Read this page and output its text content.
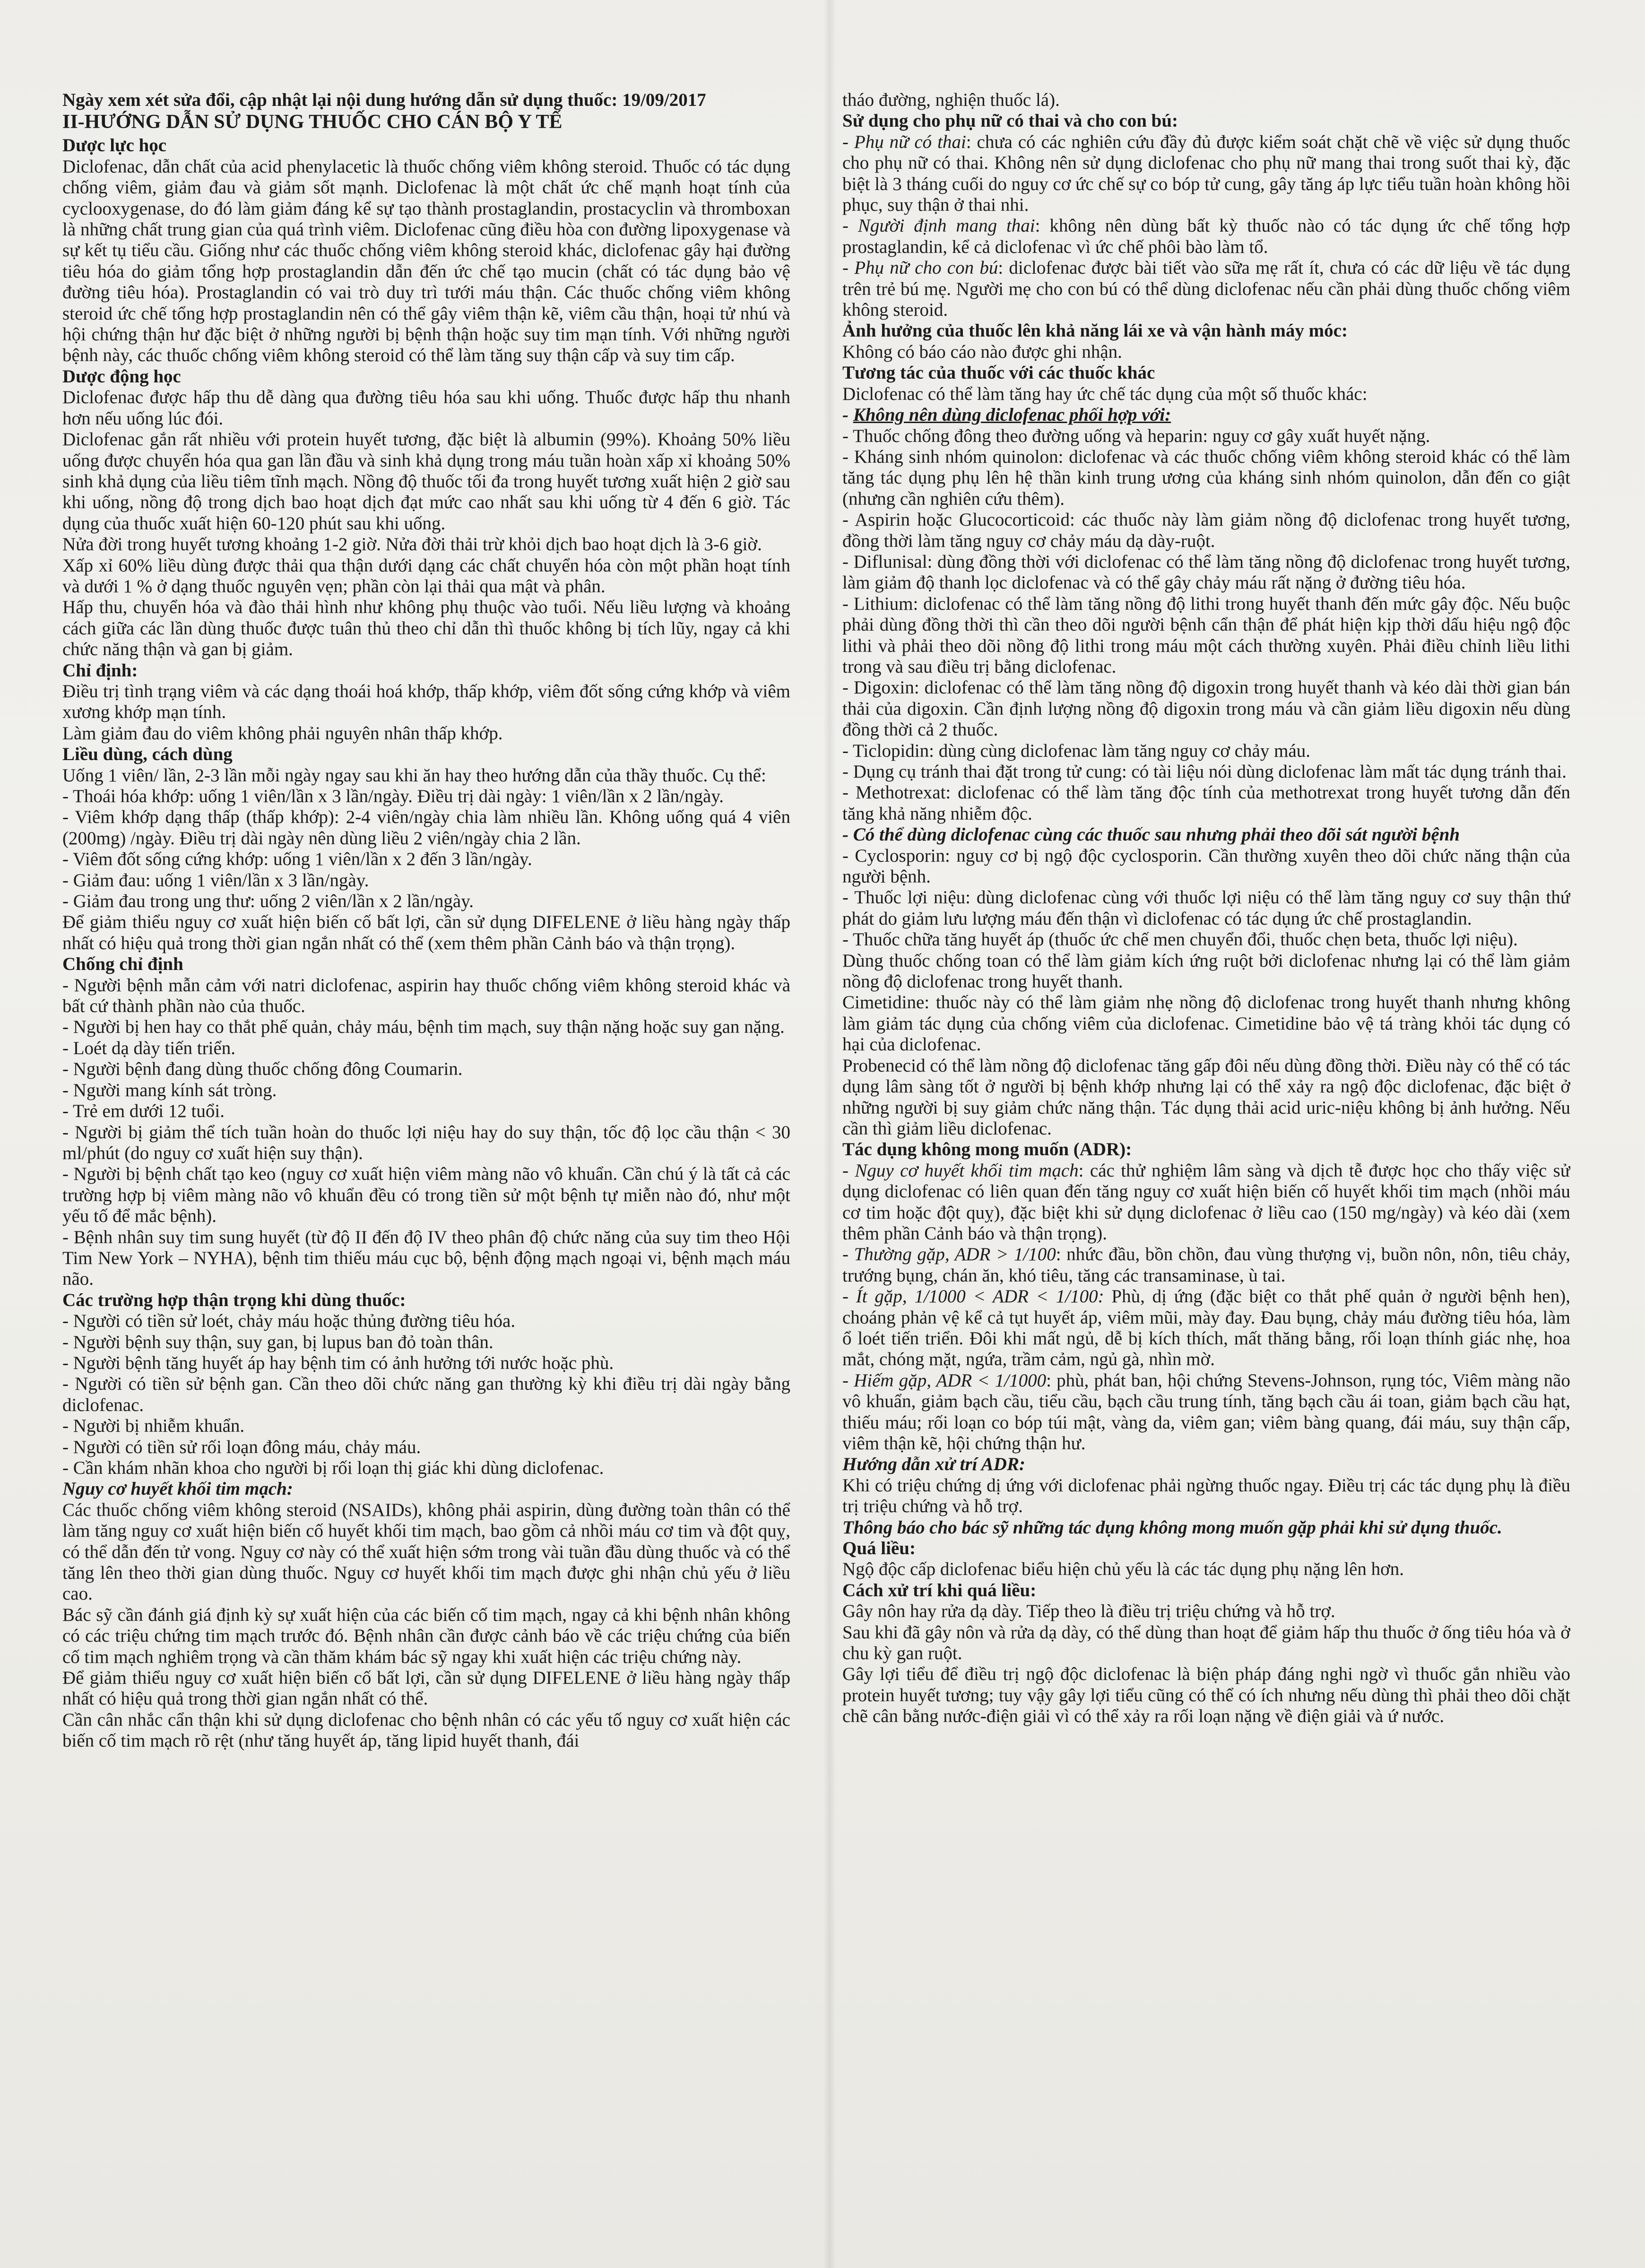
Ngày xem xét sửa đổi, cập nhật lại nội dung hướng dẫn sử dụng thuốc: 19/09/2017

II-HƯỚNG DẪN SỬ DỤNG THUỐC CHO CÁN BỘ Y TẾ

Dược lực học

Diclofenac, dẫn chất của acid phenylacetic là thuốc chống viêm không steroid. Thuốc có tác dụng chống viêm, giảm đau và giảm sốt mạnh. Diclofenac là một chất ức chế mạnh hoạt tính của cyclooxygenase, do đó làm giảm đáng kể sự tạo thành prostaglandin, prostacyclin và thromboxan là những chất trung gian của quá trình viêm. Diclofenac cũng điều hòa con đường lipoxygenase và sự kết tụ tiểu cầu. Giống như các thuốc chống viêm không steroid khác, diclofenac gây hại đường tiêu hóa do giảm tổng hợp prostaglandin dẫn đến ức chế tạo mucin (chất có tác dụng bảo vệ đường tiêu hóa). Prostaglandin có vai trò duy trì tưới máu thận. Các thuốc chống viêm không steroid ức chế tổng hợp prostaglandin nên có thể gây viêm thận kẽ, viêm cầu thận, hoại tử nhú và hội chứng thận hư đặc biệt ở những người bị bệnh thận hoặc suy tim mạn tính. Với những người bệnh này, các thuốc chống viêm không steroid có thể làm tăng suy thận cấp và suy tim cấp.

Dược động học

Diclofenac được hấp thu dễ dàng qua đường tiêu hóa sau khi uống. Thuốc được hấp thu nhanh hơn nếu uống lúc đói.

Diclofenac gắn rất nhiều với protein huyết tương, đặc biệt là albumin (99%). Khoảng 50% liều uống được chuyển hóa qua gan lần đầu và sinh khả dụng trong máu tuần hoàn xấp xỉ khoảng 50% sinh khả dụng của liều tiêm tĩnh mạch. Nồng độ thuốc tối đa trong huyết tương xuất hiện 2 giờ sau khi uống, nồng độ trong dịch bao hoạt dịch đạt mức cao nhất sau khi uống từ 4 đến 6 giờ. Tác dụng của thuốc xuất hiện 60-120 phút sau khi uống.

Nửa đời trong huyết tương khoảng 1-2 giờ. Nửa đời thải trừ khỏi dịch bao hoạt dịch là 3-6 giờ.

Xấp xỉ 60% liều dùng được thải qua thận dưới dạng các chất chuyển hóa còn một phần hoạt tính và dưới 1 % ở dạng thuốc nguyên vẹn; phần còn lại thải qua mật và phân.

Hấp thu, chuyển hóa và đào thải hình như không phụ thuộc vào tuổi. Nếu liều lượng và khoảng cách giữa các lần dùng thuốc được tuân thủ theo chỉ dẫn thì thuốc không bị tích lũy, ngay cả khi chức năng thận và gan bị giảm.

Chỉ định:

Điều trị tình trạng viêm và các dạng thoái hoá khớp, thấp khớp, viêm đốt sống cứng khớp và viêm xương khớp mạn tính.

Làm giảm đau do viêm không phải nguyên nhân thấp khớp.

Liều dùng, cách dùng

Uống 1 viên/ lần, 2-3 lần mỗi ngày ngay sau khi ăn hay theo hướng dẫn của thầy thuốc. Cụ thể:

- Thoái hóa khớp: uống 1 viên/lần x 3 lần/ngày. Điều trị dài ngày: 1 viên/lần x 2 lần/ngày.

- Viêm khớp dạng thấp (thấp khớp): 2-4 viên/ngày chia làm nhiều lần. Không uống quá 4 viên (200mg) /ngày. Điều trị dài ngày nên dùng liều 2 viên/ngày chia 2 lần.

- Viêm đốt sống cứng khớp: uống 1 viên/lần x 2 đến 3 lần/ngày.

- Giảm đau: uống 1 viên/lần x 3 lần/ngày.

- Giảm đau trong ung thư: uống 2 viên/lần x 2 lần/ngày.

Để giảm thiểu nguy cơ xuất hiện biến cố bất lợi, cần sử dụng DIFELENE ở liều hàng ngày thấp nhất có hiệu quả trong thời gian ngắn nhất có thể (xem thêm phần Cảnh báo và thận trọng).

Chống chỉ định

- Người bệnh mẫn cảm với natri diclofenac, aspirin hay thuốc chống viêm không steroid khác và bất cứ thành phần nào của thuốc.

- Người bị hen hay co thắt phế quản, chảy máu, bệnh tim mạch, suy thận nặng hoặc suy gan nặng.

- Loét dạ dày tiến triển.

- Người bệnh đang dùng thuốc chống đông Coumarin.

- Người mang kính sát tròng.

- Trẻ em dưới 12 tuổi.

- Người bị giảm thể tích tuần hoàn do thuốc lợi niệu hay do suy thận, tốc độ lọc cầu thận < 30 ml/phút (do nguy cơ xuất hiện suy thận).

- Người bị bệnh chất tạo keo (nguy cơ xuất hiện viêm màng não vô khuẩn. Cần chú ý là tất cả các trường hợp bị viêm màng não vô khuẩn đều có trong tiền sử một bệnh tự miễn nào đó, như một yếu tố để mắc bệnh).

- Bệnh nhân suy tim sung huyết (từ độ II đến độ IV theo phân độ chức năng của suy tim theo Hội Tim New York – NYHA), bệnh tim thiếu máu cục bộ, bệnh động mạch ngoại vi, bệnh mạch máu não.

Các trường hợp thận trọng khi dùng thuốc:

- Người có tiền sử loét, chảy máu hoặc thủng đường tiêu hóa.

- Người bệnh suy thận, suy gan, bị lupus ban đỏ toàn thân.

- Người bệnh tăng huyết áp hay bệnh tim có ảnh hưởng tới nước hoặc phù.

- Người có tiền sử bệnh gan. Cần theo dõi chức năng gan thường kỳ khi điều trị dài ngày bằng diclofenac.

- Người bị nhiễm khuẩn.

- Người có tiền sử rối loạn đông máu, chảy máu.

- Cần khám nhãn khoa cho người bị rối loạn thị giác khi dùng diclofenac.

Nguy cơ huyết khối tim mạch:

Các thuốc chống viêm không steroid (NSAIDs), không phải aspirin, dùng đường toàn thân có thể làm tăng nguy cơ xuất hiện biến cố huyết khối tim mạch, bao gồm cả nhồi máu cơ tim và đột quỵ, có thể dẫn đến tử vong. Nguy cơ này có thể xuất hiện sớm trong vài tuần đầu dùng thuốc và có thể tăng lên theo thời gian dùng thuốc. Nguy cơ huyết khối tim mạch được ghi nhận chủ yếu ở liều cao.

Bác sỹ cần đánh giá định kỳ sự xuất hiện của các biến cố tim mạch, ngay cả khi bệnh nhân không có các triệu chứng tim mạch trước đó. Bệnh nhân cần được cảnh báo về các triệu chứng của biến cố tim mạch nghiêm trọng và cần thăm khám bác sỹ ngay khi xuất hiện các triệu chứng này.

Để giảm thiểu nguy cơ xuất hiện biến cố bất lợi, cần sử dụng DIFELENE ở liều hàng ngày thấp nhất có hiệu quả trong thời gian ngắn nhất có thể.

Cần cân nhắc cẩn thận khi sử dụng diclofenac cho bệnh nhân có các yếu tố nguy cơ xuất hiện các biến cố tim mạch rõ rệt (như tăng huyết áp, tăng lipid huyết thanh, đái

tháo đường, nghiện thuốc lá).

Sử dụng cho phụ nữ có thai và cho con bú:

- Phụ nữ có thai: chưa có các nghiên cứu đầy đủ được kiểm soát chặt chẽ về việc sử dụng thuốc cho phụ nữ có thai. Không nên sử dụng diclofenac cho phụ nữ mang thai trong suốt thai kỳ, đặc biệt là 3 tháng cuối do nguy cơ ức chế sự co bóp tử cung, gây tăng áp lực tiểu tuần hoàn không hồi phục, suy thận ở thai nhi.

- Người định mang thai: không nên dùng bất kỳ thuốc nào có tác dụng ức chế tổng hợp prostaglandin, kể cả diclofenac vì ức chế phôi bào làm tổ.

- Phụ nữ cho con bú: diclofenac được bài tiết vào sữa mẹ rất ít, chưa có các dữ liệu về tác dụng trên trẻ bú mẹ. Người mẹ cho con bú có thể dùng diclofenac nếu cần phải dùng thuốc chống viêm không steroid.

Ảnh hưởng của thuốc lên khả năng lái xe và vận hành máy móc:

Không có báo cáo nào được ghi nhận.

Tương tác của thuốc với các thuốc khác

Diclofenac có thể làm tăng hay ức chế tác dụng của một số thuốc khác:

- Không nên dùng diclofenac phối hợp với:

- Thuốc chống đông theo đường uống và heparin: nguy cơ gây xuất huyết nặng.

- Kháng sinh nhóm quinolon: diclofenac và các thuốc chống viêm không steroid khác có thể làm tăng tác dụng phụ lên hệ thần kinh trung ương của kháng sinh nhóm quinolon, dẫn đến co giật (nhưng cần nghiên cứu thêm).

- Aspirin hoặc Glucocorticoid: các thuốc này làm giảm nồng độ diclofenac trong huyết tương, đồng thời làm tăng nguy cơ chảy máu dạ dày-ruột.

- Diflunisal: dùng đồng thời với diclofenac có thể làm tăng nồng độ diclofenac trong huyết tương, làm giảm độ thanh lọc diclofenac và có thể gây chảy máu rất nặng ở đường tiêu hóa.

- Lithium: diclofenac có thể làm tăng nồng độ lithi trong huyết thanh đến mức gây độc. Nếu buộc phải dùng đồng thời thì cần theo dõi người bệnh cẩn thận để phát hiện kịp thời dấu hiệu ngộ độc lithi và phải theo dõi nồng độ lithi trong máu một cách thường xuyên. Phải điều chỉnh liều lithi trong và sau điều trị bằng diclofenac.

- Digoxin: diclofenac có thể làm tăng nồng độ digoxin trong huyết thanh và kéo dài thời gian bán thải của digoxin. Cần định lượng nồng độ digoxin trong máu và cần giảm liều digoxin nếu dùng đồng thời cả 2 thuốc.

- Ticlopidin: dùng cùng diclofenac làm tăng nguy cơ chảy máu.

- Dụng cụ tránh thai đặt trong tử cung: có tài liệu nói dùng diclofenac làm mất tác dụng tránh thai.

- Methotrexat: diclofenac có thể làm tăng độc tính của methotrexat trong huyết tương dẫn đến tăng khả năng nhiễm độc.

- Có thể dùng diclofenac cùng các thuốc sau nhưng phải theo dõi sát người bệnh

- Cyclosporin: nguy cơ bị ngộ độc cyclosporin. Cần thường xuyên theo dõi chức năng thận của người bệnh.

- Thuốc lợi niệu: dùng diclofenac cùng với thuốc lợi niệu có thể làm tăng nguy cơ suy thận thứ phát do giảm lưu lượng máu đến thận vì diclofenac có tác dụng ức chế prostaglandin.

- Thuốc chữa tăng huyết áp (thuốc ức chế men chuyển đổi, thuốc chẹn beta, thuốc lợi niệu).

Dùng thuốc chống toan có thể làm giảm kích ứng ruột bởi diclofenac nhưng lại có thể làm giảm nồng độ diclofenac trong huyết thanh.

Cimetidine: thuốc này có thể làm giảm nhẹ nồng độ diclofenac trong huyết thanh nhưng không làm giảm tác dụng của chống viêm của diclofenac. Cimetidine bảo vệ tá tràng khỏi tác dụng có hại của diclofenac.

Probenecid có thể làm nồng độ diclofenac tăng gấp đôi nếu dùng đồng thời. Điều này có thể có tác dụng lâm sàng tốt ở người bị bệnh khớp nhưng lại có thể xảy ra ngộ độc diclofenac, đặc biệt ở những người bị suy giảm chức năng thận. Tác dụng thải acid uric-niệu không bị ảnh hưởng. Nếu cần thì giảm liều diclofenac.

Tác dụng không mong muốn (ADR):

- Nguy cơ huyết khối tim mạch: các thử nghiệm lâm sàng và dịch tễ được học cho thấy việc sử dụng diclofenac có liên quan đến tăng nguy cơ xuất hiện biến cố huyết khối tim mạch (nhồi máu cơ tim hoặc đột quỵ), đặc biệt khi sử dụng diclofenac ở liều cao (150 mg/ngày) và kéo dài (xem thêm phần Cảnh báo và thận trọng).

- Thường gặp, ADR > 1/100: nhức đầu, bồn chồn, đau vùng thượng vị, buồn nôn, nôn, tiêu chảy, trướng bụng, chán ăn, khó tiêu, tăng các transaminase, ù tai.

- Ít gặp, 1/1000 < ADR < 1/100: Phù, dị ứng (đặc biệt co thắt phế quản ở người bệnh hen), choáng phản vệ kể cả tụt huyết áp, viêm mũi, mày đay. Đau bụng, chảy máu đường tiêu hóa, làm ổ loét tiến triển. Đôi khi mất ngủ, dễ bị kích thích, mất thăng bằng, rối loạn thính giác nhẹ, hoa mắt, chóng mặt, ngứa, trầm cảm, ngủ gà, nhìn mờ.

- Hiếm gặp, ADR < 1/1000: phù, phát ban, hội chứng Stevens-Johnson, rụng tóc, Viêm màng não vô khuẩn, giảm bạch cầu, tiểu cầu, bạch cầu trung tính, tăng bạch cầu ái toan, giảm bạch cầu hạt, thiếu máu; rối loạn co bóp túi mật, vàng da, viêm gan; viêm bàng quang, đái máu, suy thận cấp, viêm thận kẽ, hội chứng thận hư.

Hướng dẫn xử trí ADR:

Khi có triệu chứng dị ứng với diclofenac phải ngừng thuốc ngay. Điều trị các tác dụng phụ là điều trị triệu chứng và hỗ trợ.

Thông báo cho bác sỹ những tác dụng không mong muốn gặp phải khi sử dụng thuốc.

Quá liều:

Ngộ độc cấp diclofenac biểu hiện chủ yếu là các tác dụng phụ nặng lên hơn.

Cách xử trí khi quá liều:

Gây nôn hay rửa dạ dày. Tiếp theo là điều trị triệu chứng và hỗ trợ.

Sau khi đã gây nôn và rửa dạ dày, có thể dùng than hoạt để giảm hấp thu thuốc ở ống tiêu hóa và ở chu kỳ gan ruột.

Gây lợi tiểu để điều trị ngộ độc diclofenac là biện pháp đáng nghi ngờ vì thuốc gắn nhiều vào protein huyết tương; tuy vậy gây lợi tiểu cũng có thể có ích nhưng nếu dùng thì phải theo dõi chặt chẽ cân bằng nước-điện giải vì có thể xảy ra rối loạn nặng về điện giải và ứ nước.
